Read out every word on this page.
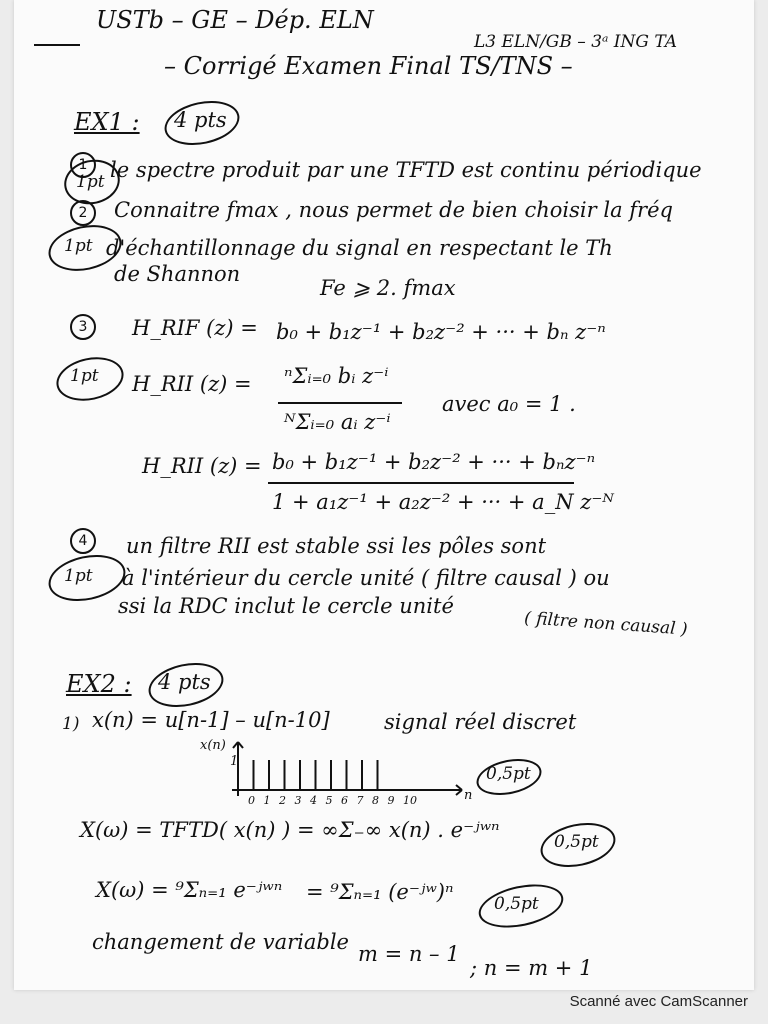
USTb – GE – Dép. ELN
L3 ELN/GB – 3ᵃ ING TA
– Corrigé Examen Final TS/TNS –
EX1 : 4 pts
1
1pt le spectre produit par une TFTD est continu périodique
2	Connaitre fmax , nous permet de bien choisir la fréq
1pt d'échantillonnage du signal en respectant le Th
de Shannon
Fe ⩾ 2. fmax
3	H_RIF (z) = b₀ + b₁z⁻¹ + b₂z⁻² + ··· + bₙ z⁻ⁿ
1pt H_RII (z) = ⁿΣᵢ₌₀ bᵢ z⁻ⁱ
ᴺΣᵢ₌₀ aᵢ z⁻ⁱ
avec a₀ = 1 .
H_RII (z) = b₀ + b₁z⁻¹ + b₂z⁻² + ··· + bₙz⁻ⁿ
1 + a₁z⁻¹ + a₂z⁻² + ··· + a_N z⁻ᴺ
4	un filtre RII est stable ssi les pôles sont
1pt à l'intérieur du cercle unité ( filtre causal ) ou
ssi la RDC inclut le cercle unité
( filtre non causal )
EX2 : 4 pts
1) x(n) = u[n-1] – u[n-10]	signal réel discret
x(n)
1
n
0,5pt
X(ω) = TFTD( x(n) ) = ∞Σ₋∞ x(n) . e⁻ʲʷⁿ	0,5pt
X(ω) = ⁹Σₙ₌₁ e⁻ʲʷⁿ = ⁹Σₙ₌₁ (e⁻ʲʷ)ⁿ 0,5pt
changement de variable m = n – 1
; n = m + 1
0 1 2 3 4 5 6 7 8 9 10
Scanné avec CamScanner
